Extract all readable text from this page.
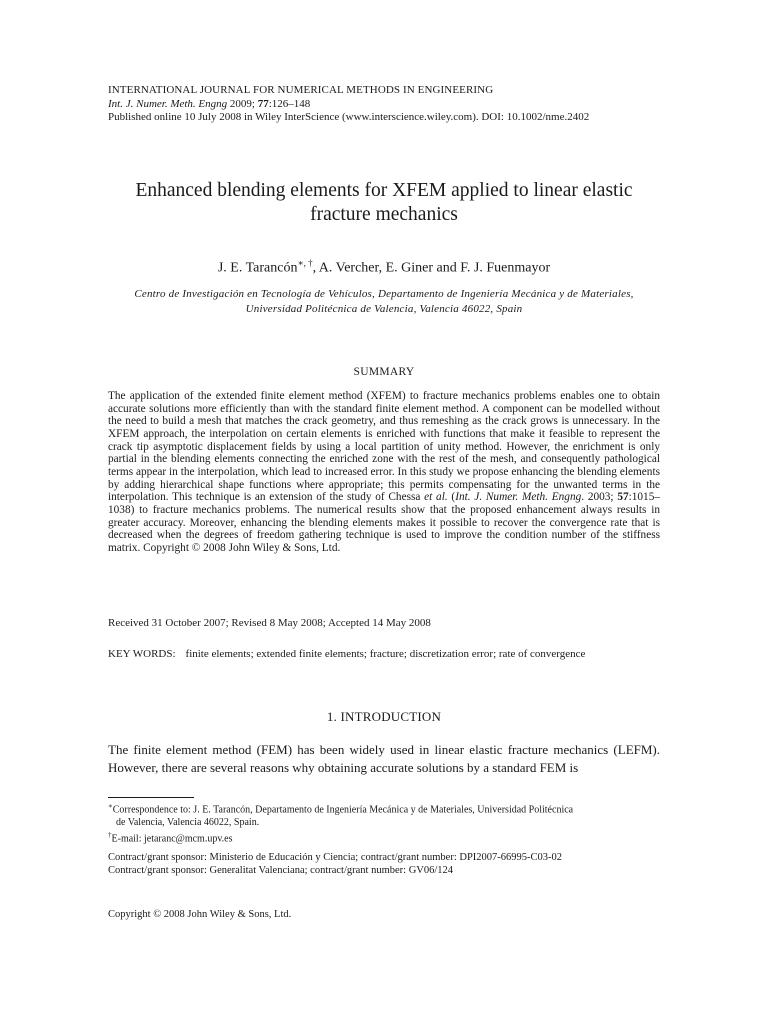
INTERNATIONAL JOURNAL FOR NUMERICAL METHODS IN ENGINEERING
Int. J. Numer. Meth. Engng 2009; 77:126–148
Published online 10 July 2008 in Wiley InterScience (www.interscience.wiley.com). DOI: 10.1002/nme.2402
Enhanced blending elements for XFEM applied to linear elastic
fracture mechanics
J. E. Tarancón∗, †, A. Vercher, E. Giner and F. J. Fuenmayor
Centro de Investigación en Tecnología de Vehículos, Departamento de Ingeniería Mecánica y de Materiales,
Universidad Politécnica de Valencia, Valencia 46022, Spain
SUMMARY
The application of the extended finite element method (XFEM) to fracture mechanics problems enables one to obtain accurate solutions more efficiently than with the standard finite element method. A component can be modelled without the need to build a mesh that matches the crack geometry, and thus remeshing as the crack grows is unnecessary. In the XFEM approach, the interpolation on certain elements is enriched with functions that make it feasible to represent the crack tip asymptotic displacement fields by using a local partition of unity method. However, the enrichment is only partial in the blending elements connecting the enriched zone with the rest of the mesh, and consequently pathological terms appear in the interpolation, which lead to increased error. In this study we propose enhancing the blending elements by adding hierarchical shape functions where appropriate; this permits compensating for the unwanted terms in the interpolation. This technique is an extension of the study of Chessa et al. (Int. J. Numer. Meth. Engng. 2003; 57:1015–1038) to fracture mechanics problems. The numerical results show that the proposed enhancement always results in greater accuracy. Moreover, enhancing the blending elements makes it possible to recover the convergence rate that is decreased when the degrees of freedom gathering technique is used to improve the condition number of the stiffness matrix. Copyright © 2008 John Wiley & Sons, Ltd.
Received 31 October 2007; Revised 8 May 2008; Accepted 14 May 2008
KEY WORDS: finite elements; extended finite elements; fracture; discretization error; rate of convergence
1. INTRODUCTION
The finite element method (FEM) has been widely used in linear elastic fracture mechanics (LEFM). However, there are several reasons why obtaining accurate solutions by a standard FEM is
∗Correspondence to: J. E. Tarancón, Departamento de Ingeniería Mecánica y de Materiales, Universidad Politécnica
de Valencia, Valencia 46022, Spain.
†E-mail: jetaranc@mcm.upv.es
Contract/grant sponsor: Ministerio de Educación y Ciencia; contract/grant number: DPI2007-66995-C03-02
Contract/grant sponsor: Generalitat Valenciana; contract/grant number: GV06/124
Copyright © 2008 John Wiley & Sons, Ltd.
